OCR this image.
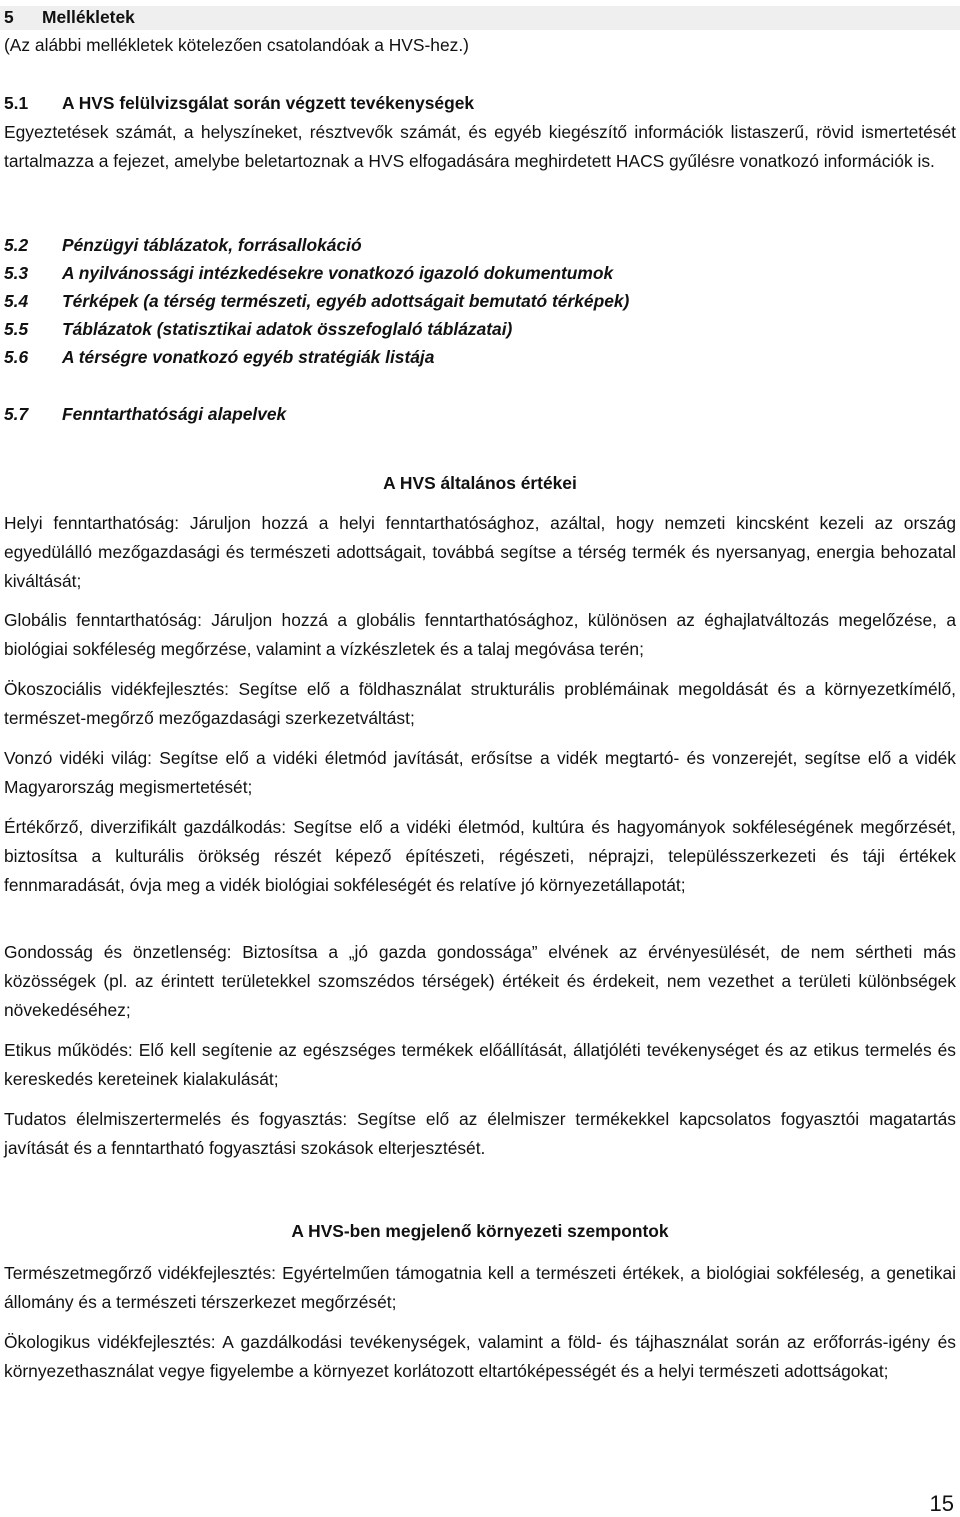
5 Mellékletek
(Az alábbi mellékletek kötelezően csatolandóak a HVS-hez.)
5.1 A HVS felülvizsgálat során végzett tevékenységek
Egyeztetések számát, a helyszíneket, résztvevők számát, és egyéb kiegészítő információk listaszerű, rövid ismertetését tartalmazza a fejezet, amelybe beletartoznak a HVS elfogadására meghirdetett HACS gyűlésre vonatkozó információk is.
5.2 Pénzügyi táblázatok, forrásallokáció
5.3 A nyilvánossági intézkedésekre vonatkozó igazoló dokumentumok
5.4 Térképek (a térség természeti, egyéb adottságait bemutató térképek)
5.5 Táblázatok (statisztikai adatok összefoglaló táblázatai)
5.6 A térségre vonatkozó egyéb stratégiák listája
5.7 Fenntarthatósági alapelvek
A HVS általános értékei
Helyi fenntarthatóság: Járuljon hozzá a helyi fenntarthatósághoz, azáltal, hogy nemzeti kincsként kezeli az ország egyedülálló mezőgazdasági és természeti adottságait, továbbá segítse a térség termék és nyersanyag, energia behozatal kiváltását;
Globális fenntarthatóság: Járuljon hozzá a globális fenntarthatósághoz, különösen az éghajlatváltozás megelőzése, a biológiai sokféleség megőrzése, valamint a vízkészletek és a talaj megóvása terén;
Ökoszociális vidékfejlesztés: Segítse elő a földhasználat strukturális problémáinak megoldását és a környezetkímélő, természet-megőrző mezőgazdasági szerkezetváltást;
Vonzó vidéki világ: Segítse elő a vidéki életmód javítását, erősítse a vidék megtartó- és vonzerejét, segítse elő a vidék Magyarország megismertetését;
Értékőrző, diverzifikált gazdálkodás: Segítse elő a vidéki életmód, kultúra és hagyományok sokféleségének megőrzését, biztosítsa a kulturális örökség részét képező építészeti, régészeti, néprajzi, településszerkezeti és táji értékek fennmaradását, óvja meg a vidék biológiai sokféleségét és relatíve jó környezetállapotát;
Gondosság és önzetlenség: Biztosítsa a „jó gazda gondossága” elvének az érvényesülését, de nem sértheti más közösségek (pl. az érintett területekkel szomszédos térségek) értékeit és érdekeit, nem vezethet a területi különbségek növekedéséhez;
Etikus működés: Elő kell segítenie az egészséges termékek előállítását, állatjóléti tevékenységet és az etikus termelés és kereskedés kereteinek kialakulását;
Tudatos élelmiszertermelés és fogyasztás: Segítse elő az élelmiszer termékekkel kapcsolatos fogyasztói magatartás javítását és a fenntartható fogyasztási szokások elterjesztését.
A HVS-ben megjelenő környezeti szempontok
Természetmegőrző vidékfejlesztés: Egyértelműen támogatnia kell a természeti értékek, a biológiai sokféleség, a genetikai állomány és a természeti térszerkezet megőrzését;
Ökologikus vidékfejlesztés: A gazdálkodási tevékenységek, valamint a föld- és tájhasználat során az erőforrás-igény és környezethasználat vegye figyelembe a környezet korlátozott eltartóképességét és a helyi természeti adottságokat;
15
